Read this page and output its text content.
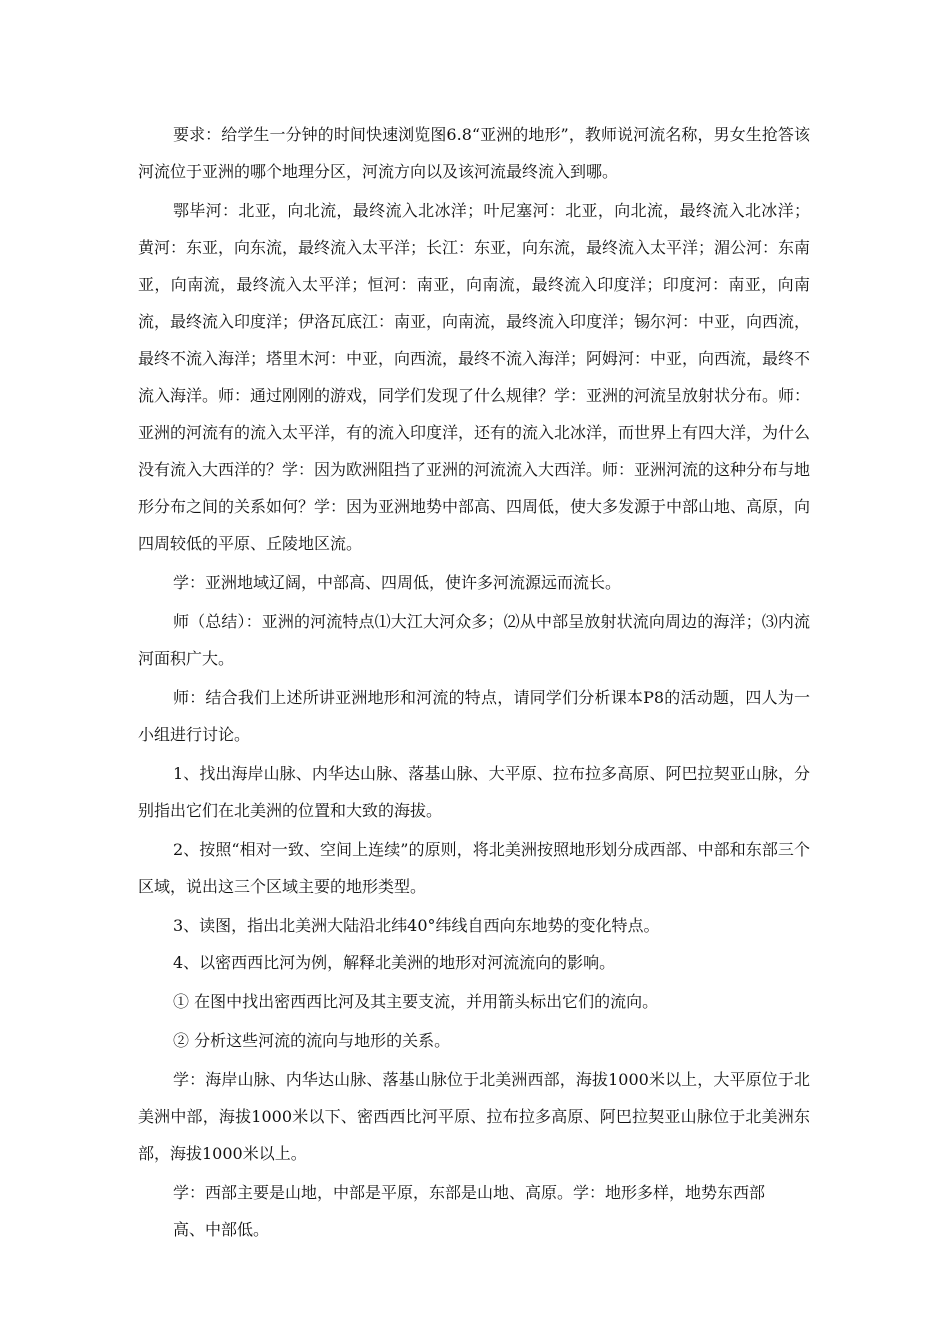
要求：给学生一分钟的时间快速浏览图6.8“亚洲的地形”，教师说河流名称，男女生抢答该河流位于亚洲的哪个地理分区，河流方向以及该河流最终流入到哪。

鄂毕河：北亚，向北流，最终流入北冰洋；叶尼塞河：北亚，向北流，最终流入北冰洋；黄河：东亚，向东流，最终流入太平洋；长江：东亚，向东流，最终流入太平洋；湄公河：东南亚，向南流，最终流入太平洋；恒河：南亚，向南流，最终流入印度洋；印度河：南亚，向南流，最终流入印度洋；伊洛瓦底江：南亚，向南流，最终流入印度洋；锡尔河：中亚，向西流，最终不流入海洋；塔里木河：中亚，向西流，最终不流入海洋；阿姆河：中亚，向西流，最终不流入海洋。师：通过刚刚的游戏，同学们发现了什么规律？学：亚洲的河流呈放射状分布。师：亚洲的河流有的流入太平洋，有的流入印度洋，还有的流入北冰洋，而世界上有四大洋，为什么没有流入大西洋的？学：因为欧洲阻挡了亚洲的河流流入大西洋。师：亚洲河流的这种分布与地形分布之间的关系如何？学：因为亚洲地势中部高、四周低，使大多发源于中部山地、高原，向四周较低的平原、丘陵地区流。

学：亚洲地域辽阔，中部高、四周低，使许多河流源远而流长。

师（总结）：亚洲的河流特点⑴大江大河众多；⑵从中部呈放射状流向周边的海洋；⑶内流河面积广大。

师：结合我们上述所讲亚洲地形和河流的特点，请同学们分析课本P8的活动题，四人为一小组进行讨论。

1、找出海岸山脉、内华达山脉、落基山脉、大平原、拉布拉多高原、阿巴拉契亚山脉，分别指出它们在北美洲的位置和大致的海拔。

2、按照“相对一致、空间上连续”的原则，将北美洲按照地形划分成西部、中部和东部三个区域，说出这三个区域主要的地形类型。

3、读图，指出北美洲大陆沿北纬40°纬线自西向东地势的变化特点。

4、以密西西比河为例，解释北美洲的地形对河流流向的影响。

① 在图中找出密西西比河及其主要支流，并用箭头标出它们的流向。

② 分析这些河流的流向与地形的关系。

学：海岸山脉、内华达山脉、落基山脉位于北美洲西部，海拔1000米以上，大平原位于北美洲中部，海拔1000米以下、密西西比河平原、拉布拉多高原、阿巴拉契亚山脉位于北美洲东部，海拔1000米以上。

学：西部主要是山地，中部是平原，东部是山地、高原。学：地形多样，地势东西部

高、中部低。
